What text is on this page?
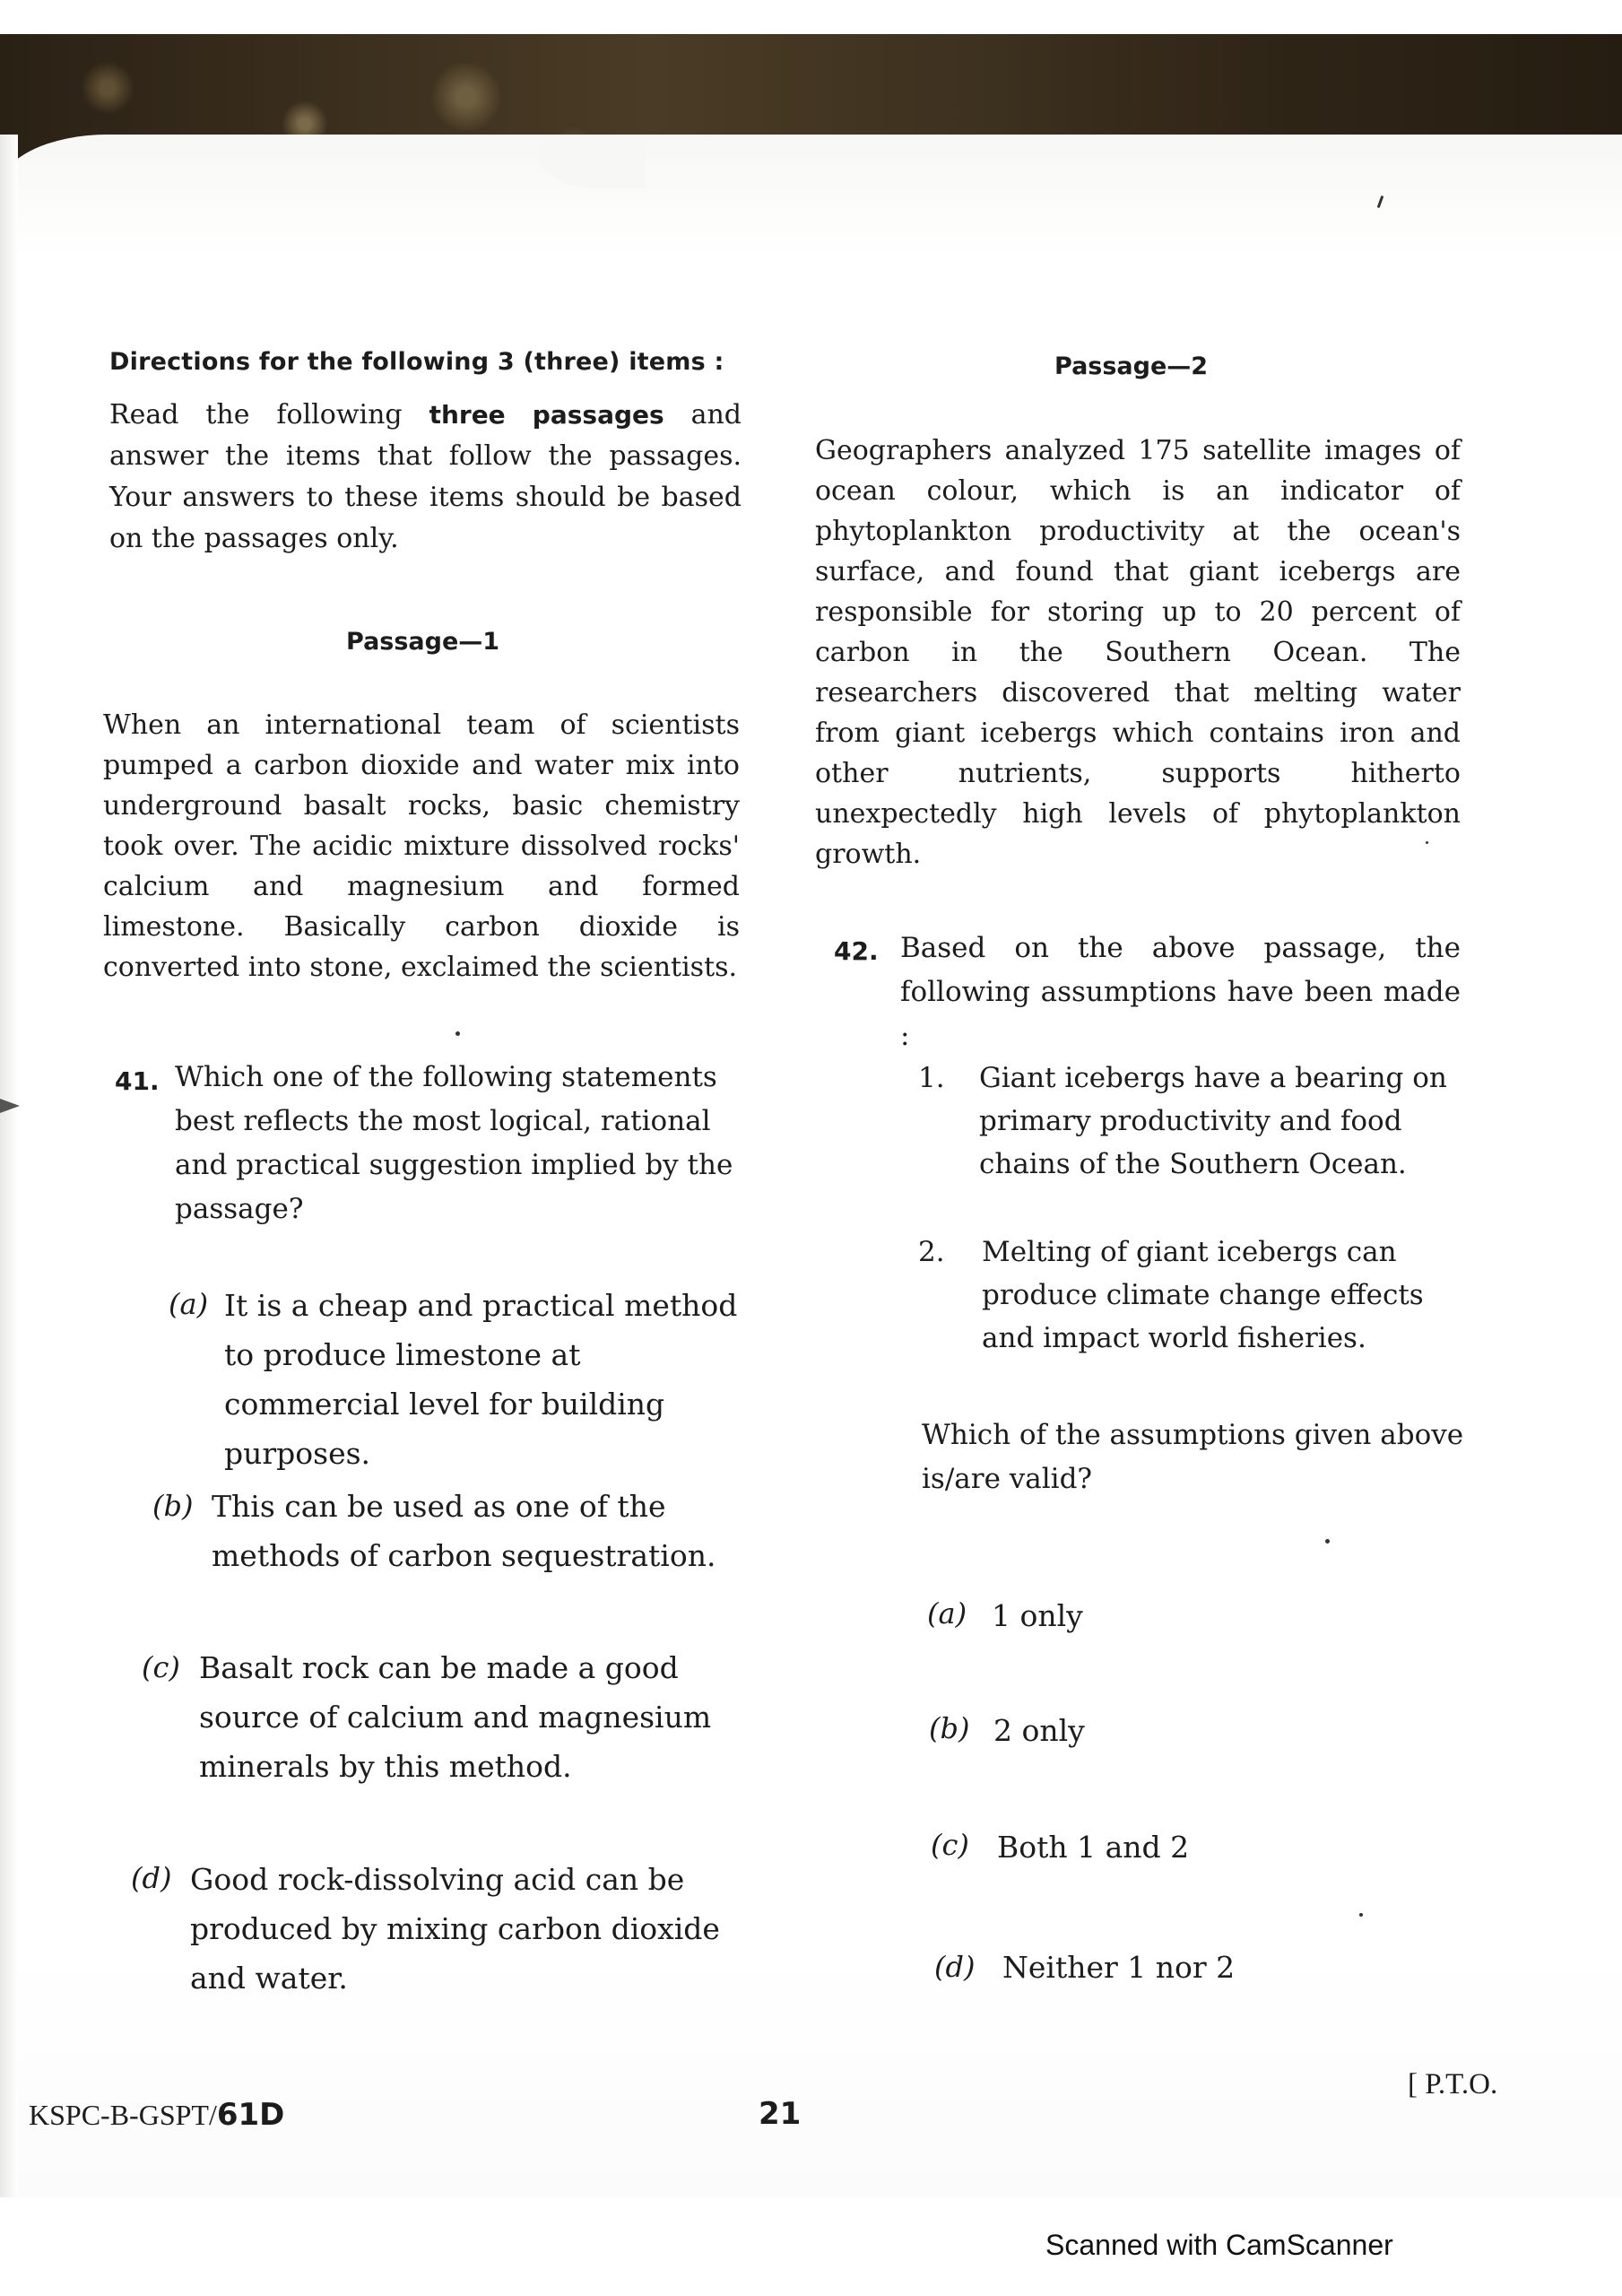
Directions for the following 3 (three) items :
Read the following three passages and answer the items that follow the passages. Your answers to these items should be based on the passages only.
Passage—1
When an international team of scientists pumped a carbon dioxide and water mix into underground basalt rocks, basic chemistry took over. The acidic mixture dissolved rocks' calcium and magnesium and formed limestone. Basically carbon dioxide is converted into stone, exclaimed the scientists.
41. Which one of the following statements best reflects the most logical, rational and practical suggestion implied by the passage?
(a) It is a cheap and practical method to produce limestone at commercial level for building purposes.
(b) This can be used as one of the methods of carbon sequestration.
(c) Basalt rock can be made a good source of calcium and magnesium minerals by this method.
(d) Good rock-dissolving acid can be produced by mixing carbon dioxide and water.
Passage—2
Geographers analyzed 175 satellite images of ocean colour, which is an indicator of phytoplankton productivity at the ocean's surface, and found that giant icebergs are responsible for storing up to 20 percent of carbon in the Southern Ocean. The researchers discovered that melting water from giant icebergs which contains iron and other nutrients, supports hitherto unexpectedly high levels of phytoplankton growth.
42. Based on the above passage, the following assumptions have been made :
1. Giant icebergs have a bearing on primary productivity and food chains of the Southern Ocean.
2. Melting of giant icebergs can produce climate change effects and impact world fisheries.
Which of the assumptions given above is/are valid?
(a) 1 only
(b) 2 only
(c) Both 1 and 2
(d) Neither 1 nor 2
KSPC-B-GSPT/61D	21
[ P.T.O.
Scanned with CamScanner
